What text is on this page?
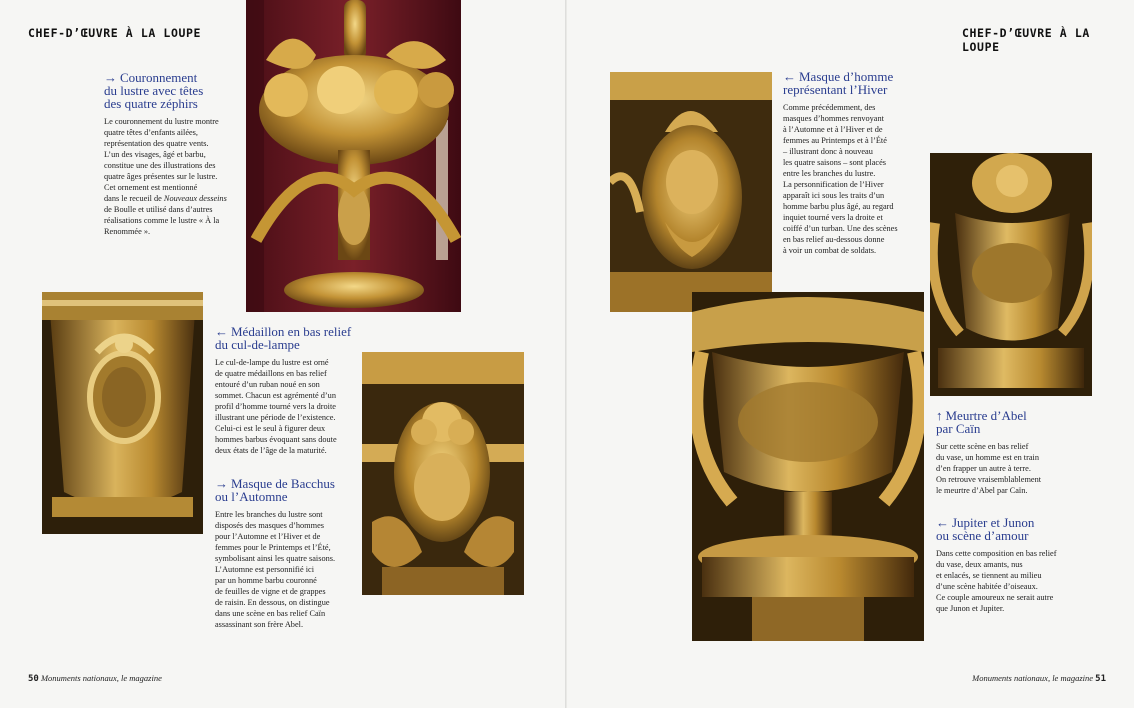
CHEF-D’ŒUVRE À LA LOUPE	CHEF-D’ŒUVRE À LA LOUPE
→ Couronnement
du lustre avec têtes
des quatre zéphirs

Le couronnement du lustre montre
quatre têtes d’enfants ailées,
représentation des quatre vents.
L’un des visages, âgé et barbu,
constitue une des illustrations des
quatre âges présentes sur le lustre.
Cet ornement est mentionné
dans le recueil de Nouveaux desseins
de Boulle et utilisé dans d’autres
réalisations comme le lustre « À la
Renommée ».

← Médaillon en bas relief
du cul-de-lampe

Le cul-de-lampe du lustre est orné
de quatre médaillons en bas relief
entouré d’un ruban noué en son
sommet. Chacun est agrémenté d’un
profil d’homme tourné vers la droite
illustrant une période de l’existence.
Celui-ci est le seul à figurer deux
hommes barbus évoquant sans doute
deux états de l’âge de la maturité.

→ Masque de Bacchus
ou l’Automne

Entre les branches du lustre sont
disposés des masques d’hommes
pour l’Automne et l’Hiver et de
femmes pour le Printemps et l’Été,
symbolisant ainsi les quatre saisons.
L’Automne est personnifié ici
par un homme barbu couronné
de feuilles de vigne et de grappes
de raisin. En dessous, on distingue
dans une scène en bas relief Caïn
assassinant son frère Abel.

← Masque d’homme
représentant l’Hiver

Comme précédemment, des
masques d’hommes renvoyant
à l’Automne et à l’Hiver et de
femmes au Printemps et à l’Été
– illustrant donc à nouveau
les quatre saisons – sont placés
entre les branches du lustre.
La personnification de l’Hiver
apparaît ici sous les traits d’un
homme barbu plus âgé, au regard
inquiet tourné vers la droite et
coiffé d’un turban. Une des scènes
en bas relief au-dessous donne
à voir un combat de soldats.

↑ Meurtre d’Abel
par Caïn

Sur cette scène en bas relief
du vase, un homme est en train
d’en frapper un autre à terre.
On retrouve vraisemblablement
le meurtre d’Abel par Caïn.

← Jupiter et Junon
ou scène d’amour

Dans cette composition en bas relief
du vase, deux amants, nus
et enlacés, se tiennent au milieu
d’une scène habitée d’oiseaux.
Ce couple amoureux ne serait autre
que Junon et Jupiter.

50 Monuments nationaux, le magazine	Monuments nationaux, le magazine 51
